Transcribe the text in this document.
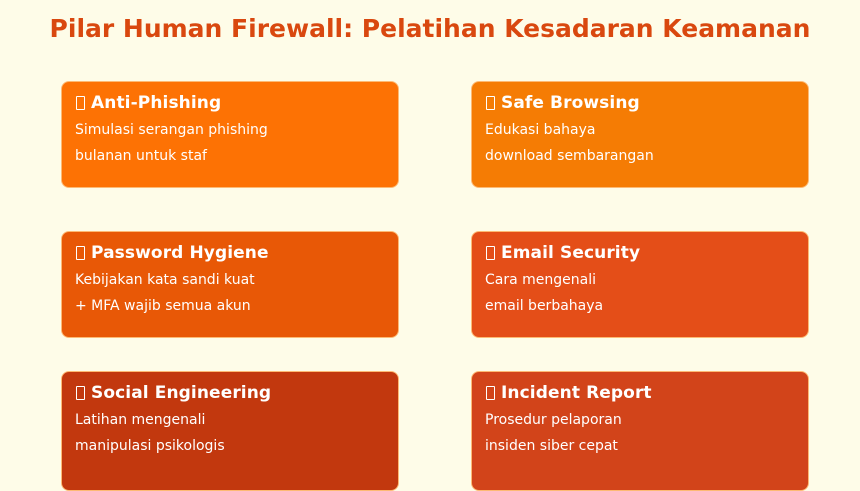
Pilar Human Firewall: Pelatihan Kesadaran Keamanan
Anti-Phishing
Simulasi serangan phishing
bulanan untuk staf
Safe Browsing
Edukasi bahaya
download sembarangan
Password Hygiene
Kebijakan kata sandi kuat
+ MFA wajib semua akun
Email Security
Cara mengenali
email berbahaya
Social Engineering
Latihan mengenali
manipulasi psikologis
Incident Report
Prosedur pelaporan
insiden siber cepat
